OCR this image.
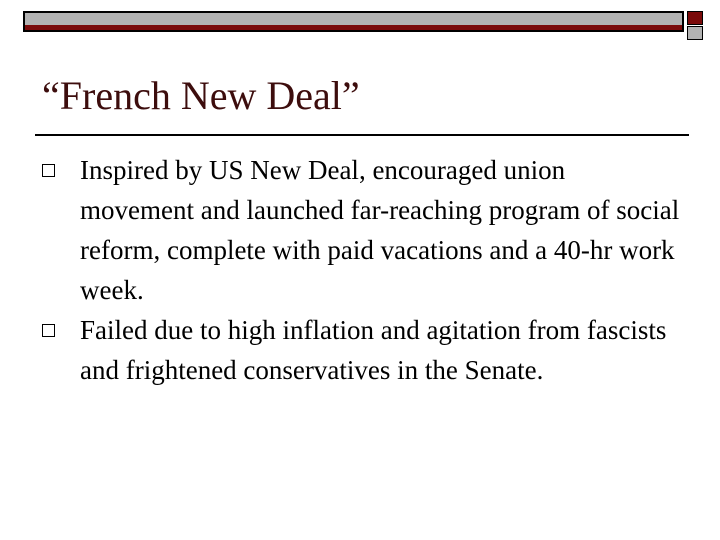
“French New Deal”
Inspired by US New Deal, encouraged union movement and launched far-reaching program of social reform, complete with paid vacations and a 40-hr work week.
Failed due to high inflation and agitation from fascists and frightened conservatives in the Senate.
